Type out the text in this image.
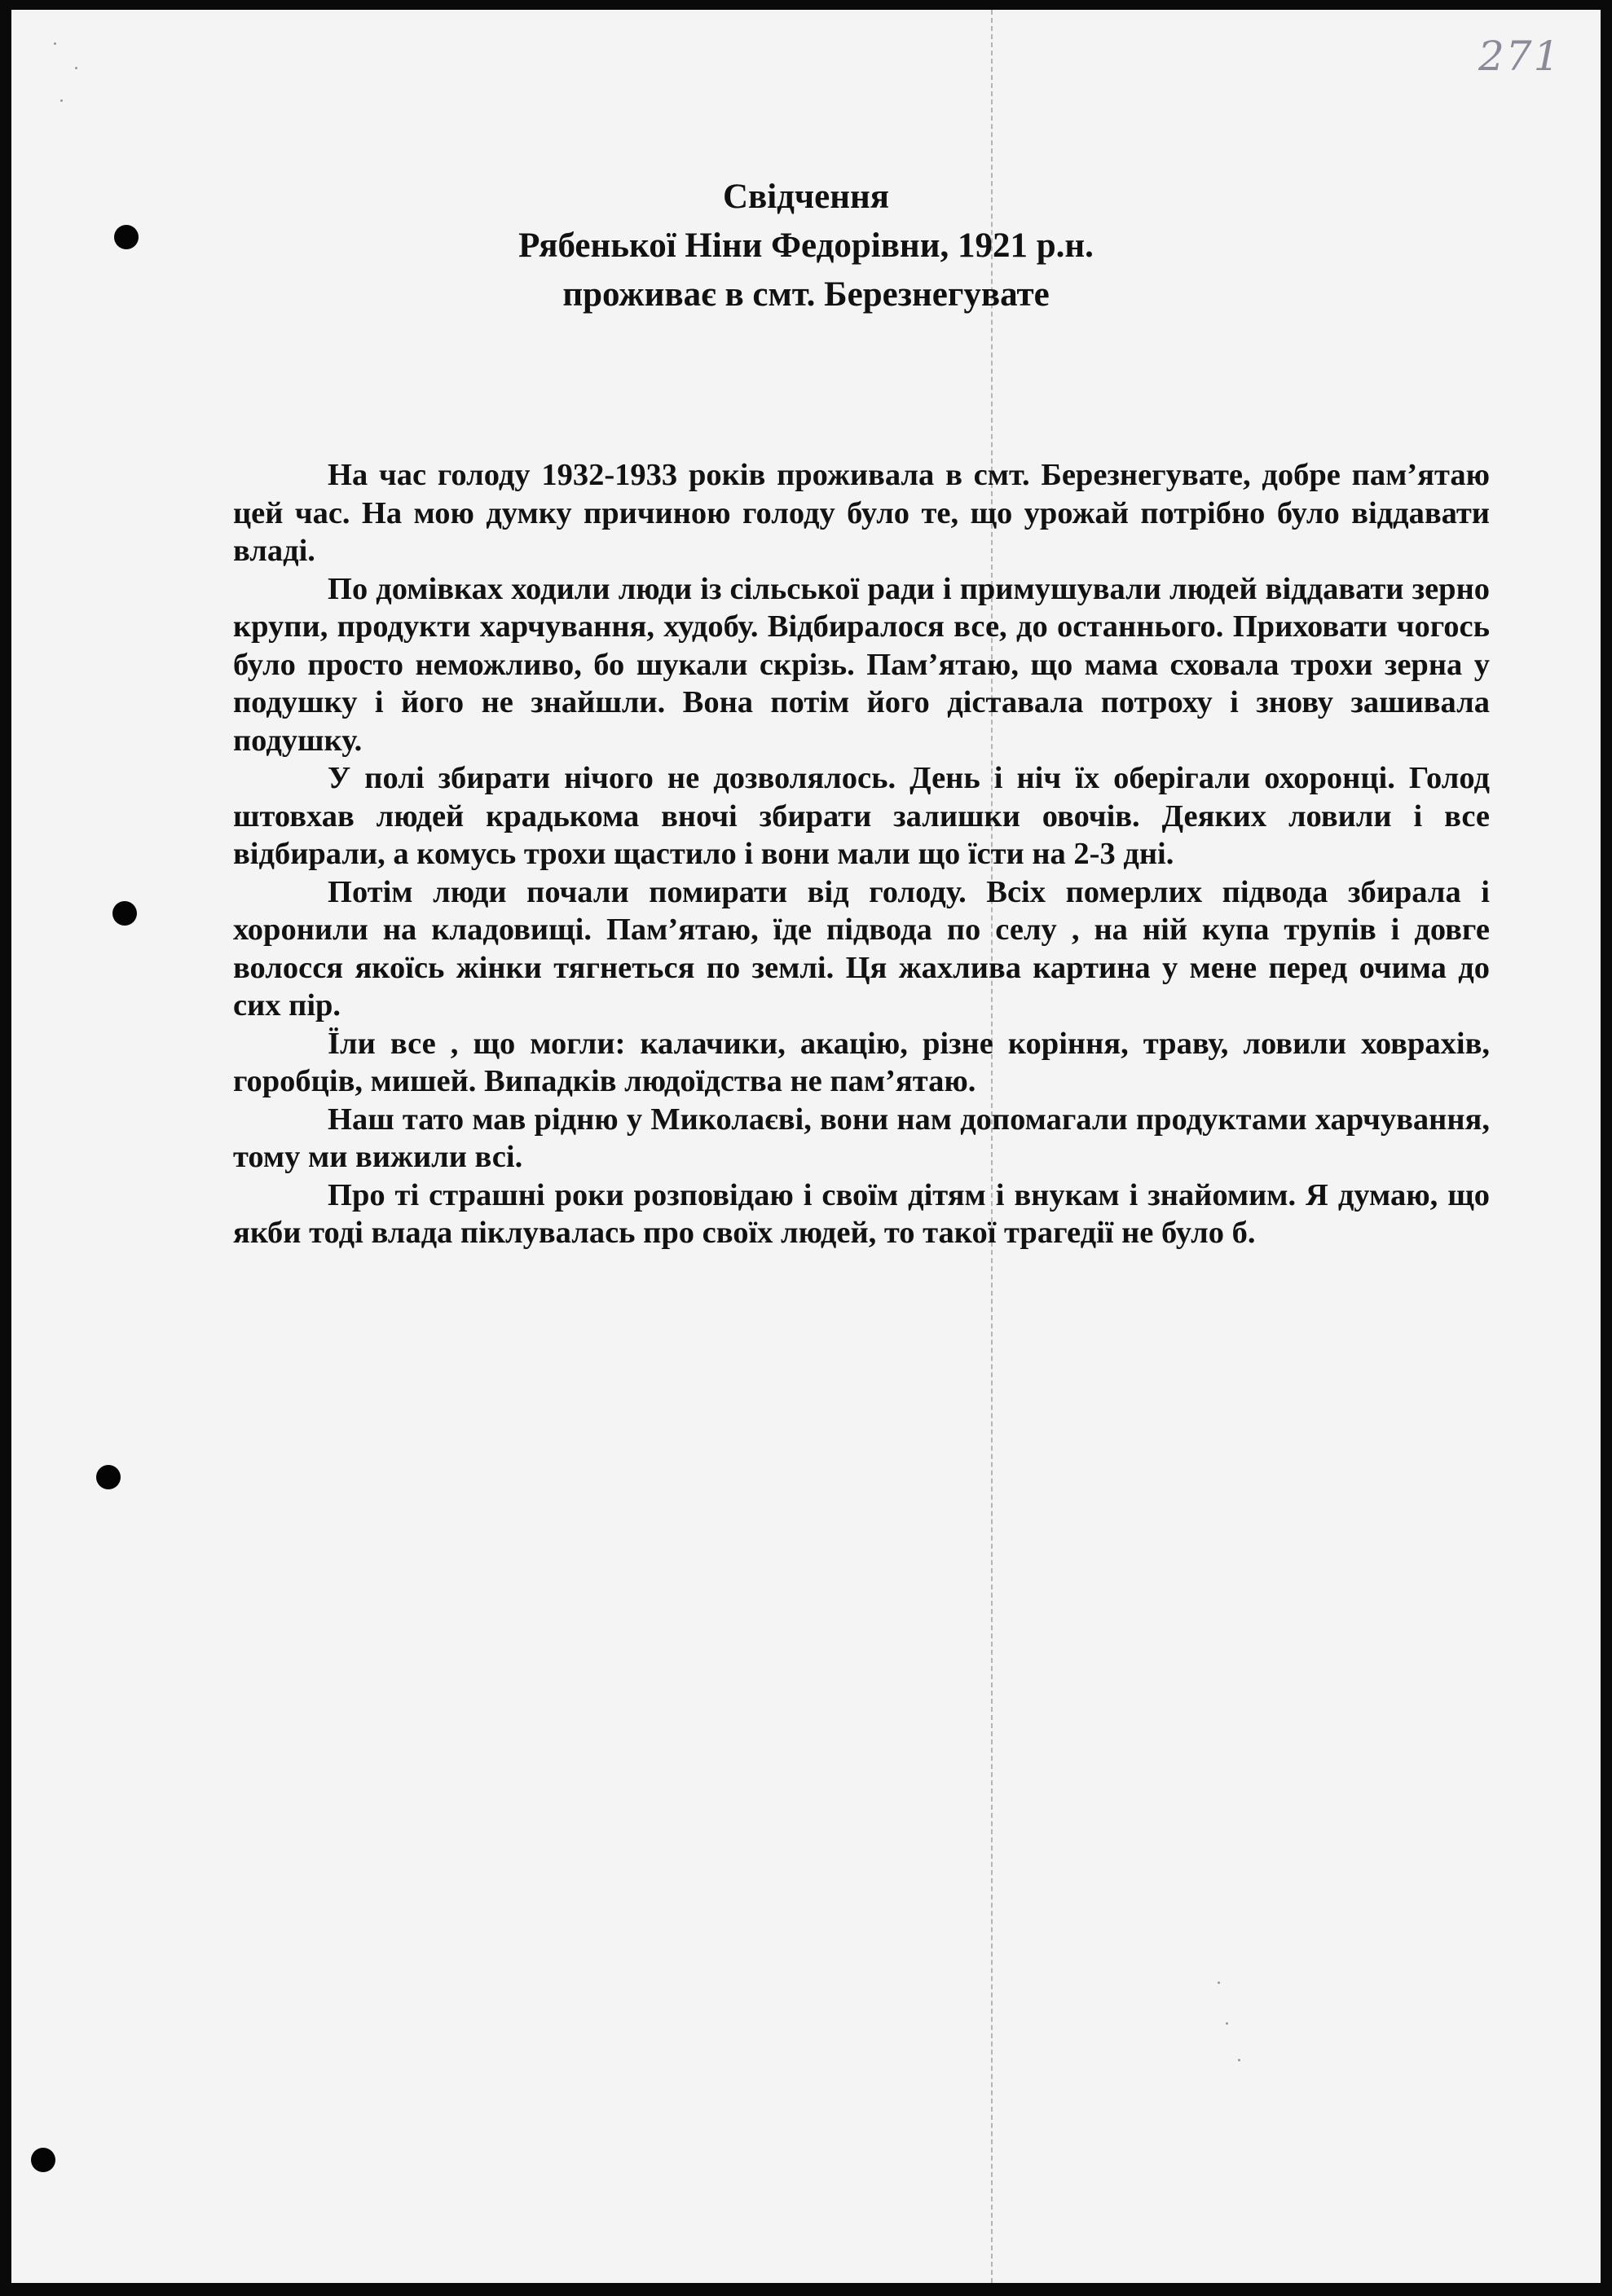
271
Свідчення
Рябенької Ніни Федорівни, 1921 р.н.
проживає в смт. Березнегувате

На час голоду 1932-1933 років проживала в смт. Березнегувате, добре пам’ятаю цей час. На мою думку причиною голоду було те, що урожай потрібно було віддавати владі.

По домівках ходили люди із сільської ради і примушували людей віддавати зерно крупи, продукти харчування, худобу. Відбиралося все, до останнього. Приховати чогось було просто неможливо, бо шукали скрізь. Пам’ятаю, що мама сховала трохи зерна у подушку і його не знайшли. Вона потім його діставала потроху і знову зашивала подушку.

У полі збирати нічого не дозволялось. День і ніч їх оберігали охоронці. Голод штовхав людей крадькома вночі збирати залишки овочів. Деяких ловили і все відбирали, а комусь трохи щастило і вони мали що їсти на 2-3 дні.

Потім люди почали помирати від голоду. Всіх померлих підвода збирала і хоронили на кладовищі. Пам’ятаю, їде підвода по селу , на ній купа трупів і довге волосся якоїсь жінки тягнеться по землі. Ця жахлива картина у мене перед очима до сих пір.

Їли все , що могли: калачики, акацію, різне коріння, траву, ловили ховрахів, горобців, мишей. Випадків людоїдства не пам’ятаю.

Наш тато мав рідню у Миколаєві, вони нам допомагали продуктами харчування, тому ми вижили всі.

Про ті страшні роки розповідаю і своїм дітям і внукам і знайомим. Я думаю, що якби тоді влада піклувалась про своїх людей, то такої трагедії не було б.
